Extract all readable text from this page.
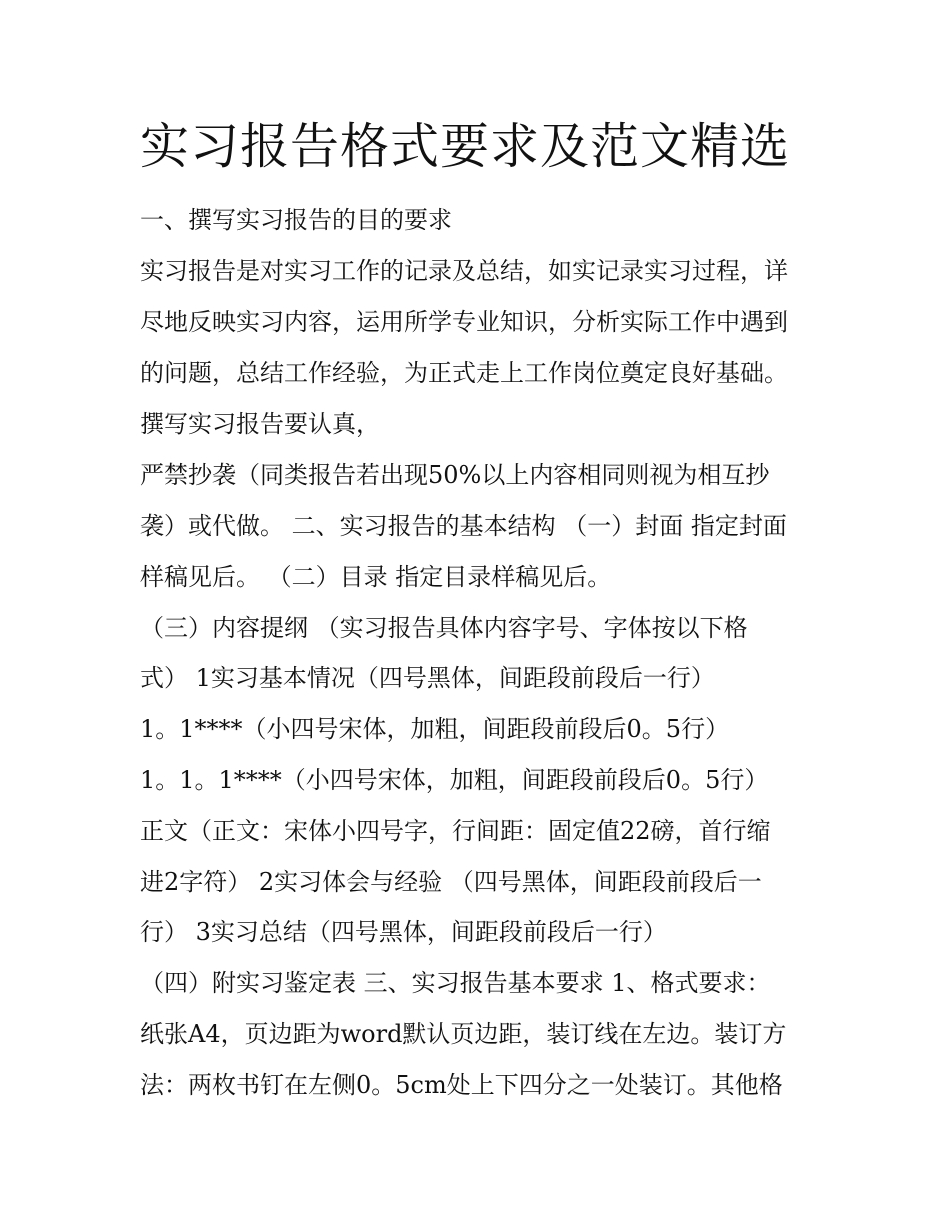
实习报告格式要求及范文精选

一、撰写实习报告的目的要求

实习报告是对实习工作的记录及总结，如实记录实习过程，详

尽地反映实习内容，运用所学专业知识，分析实际工作中遇到

的问题，总结工作经验，为正式走上工作岗位奠定良好基础。

撰写实习报告要认真，

严禁抄袭（同类报告若出现50%以上内容相同则视为相互抄

袭）或代做。 二、实习报告的基本结构 （一）封面 指定封面

样稿见后。 （二）目录 指定目录样稿见后。

（三）内容提纲 （实习报告具体内容字号、字体按以下格

式） 1实习基本情况（四号黑体，间距段前段后一行）

1。1****（小四号宋体，加粗，间距段前段后0。5行）

1。1。1****（小四号宋体，加粗，间距段前段后0。5行）

正文（正文：宋体小四号字，行间距：固定值22磅，首行缩

进2字符） 2实习体会与经验 （四号黑体，间距段前段后一

行） 3实习总结（四号黑体，间距段前段后一行）

（四）附实习鉴定表 三、实习报告基本要求 1、格式要求：

纸张A4，页边距为word默认页边距，装订线在左边。装订方

法：两枚书钉在左侧0。5cm处上下四分之一处装订。其他格
